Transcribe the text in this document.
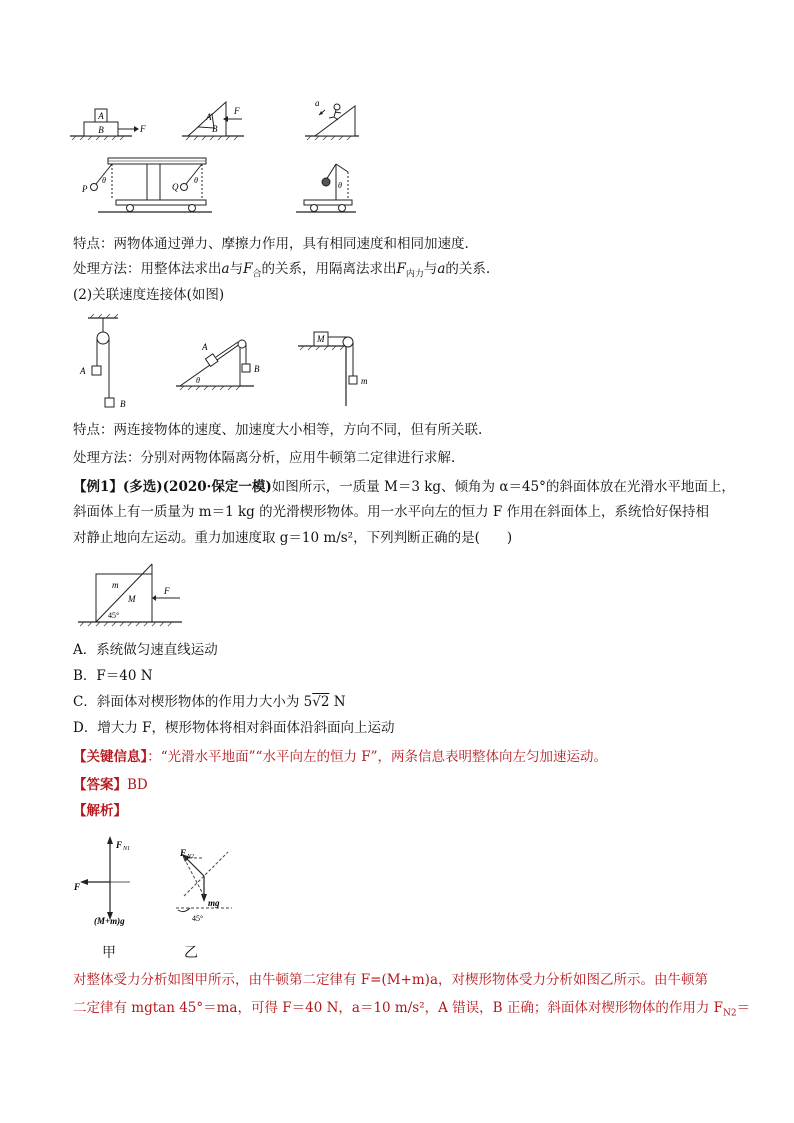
A
B	F
A
B
F
a
P	Q
θ	θ
θ
特点：两物体通过弹力、摩擦力作用，具有相同速度和相同加速度.
处理方法：用整体法求出a与$F_合$的关系，用隔离法求出$F_{内力}$与a的关系.
(2)关联速度连接体(如图)
A
B
A
B
θ
M
m
特点：两连接物体的速度、加速度大小相等，方向不同，但有所关联.
处理方法：分别对两物体隔离分析，应用牛顿第二定律进行求解.
【例1】(多选)(2020·保定一模)如图所示，一质量 M＝3 kg、倾角为 α＝45°的斜面体放在光滑水平地面上，
斜面体上有一质量为 m＝1 kg 的光滑楔形物体。用一水平向左的恒力 F 作用在斜面体上，系统恰好保持相
对静止地向左运动。重力加速度取 g＝10 m/s²，下列判断正确的是(　　)
m
M
45°
F
A．系统做匀速直线运动
B．F＝40 N
C．斜面体对楔形物体的作用力大小为 5√2 N
D．增大力 F，楔形物体将相对斜面体沿斜面向上运动
【关键信息】：“光滑水平地面”“水平向左的恒力 F”，两条信息表明整体向左匀加速运动。
【答案】BD
【解析】
F N1
F
(M+m)g
F N2
mg
45°
甲	乙
对整体受力分析如图甲所示，由牛顿第二定律有 F=(M+m)a，对楔形物体受力分析如图乙所示。由牛顿第
二定律有 mgtan 45°＝ma，可得 F＝40 N，a＝10 m/s²，A 错误，B 正确；斜面体对楔形物体的作用力 $F_{N2}=$
